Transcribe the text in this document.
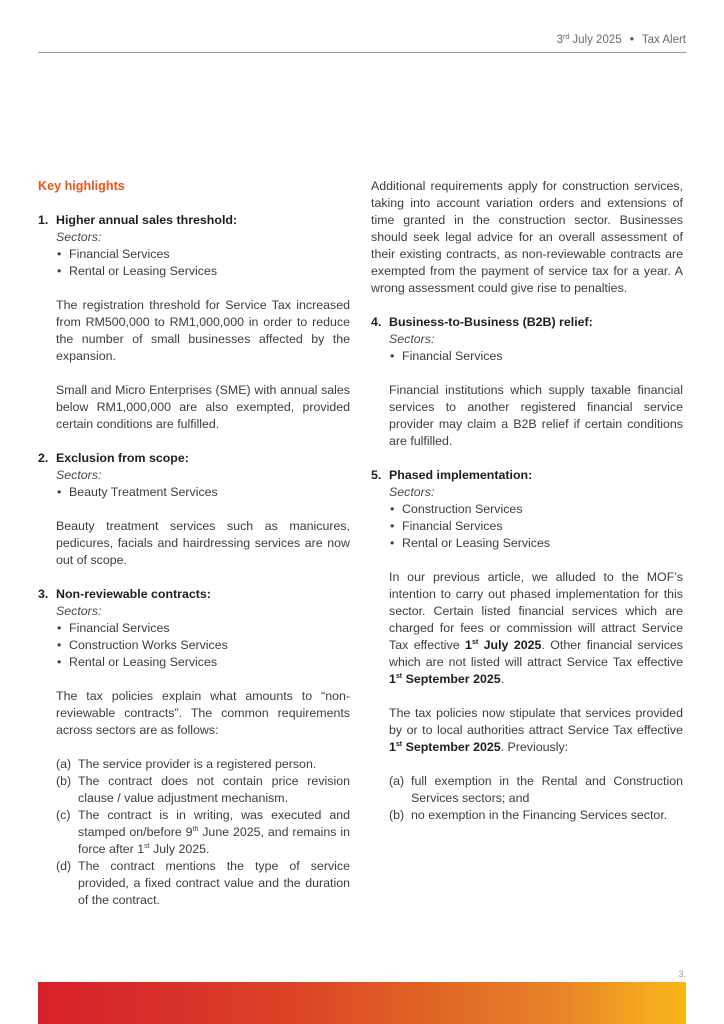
3rd July 2025 • Tax Alert
Key highlights
1. Higher annual sales threshold:
Sectors:
• Financial Services
• Rental or Leasing Services
The registration threshold for Service Tax increased from RM500,000 to RM1,000,000 in order to reduce the number of small businesses affected by the expansion.
Small and Micro Enterprises (SME) with annual sales below RM1,000,000 are also exempted, provided certain conditions are fulfilled.
2. Exclusion from scope:
Sectors:
• Beauty Treatment Services
Beauty treatment services such as manicures, pedicures, facials and hairdressing services are now out of scope.
3. Non-reviewable contracts:
Sectors:
• Financial Services
• Construction Works Services
• Rental or Leasing Services
The tax policies explain what amounts to “non-reviewable contracts”. The common requirements across sectors are as follows:
(a) The service provider is a registered person.
(b) The contract does not contain price revision clause / value adjustment mechanism.
(c) The contract is in writing, was executed and stamped on/before 9th June 2025, and remains in force after 1st July 2025.
(d) The contract mentions the type of service provided, a fixed contract value and the duration of the contract.
Additional requirements apply for construction services, taking into account variation orders and extensions of time granted in the construction sector. Businesses should seek legal advice for an overall assessment of their existing contracts, as non-reviewable contracts are exempted from the payment of service tax for a year. A wrong assessment could give rise to penalties.
4. Business-to-Business (B2B) relief:
Sectors:
• Financial Services
Financial institutions which supply taxable financial services to another registered financial service provider may claim a B2B relief if certain conditions are fulfilled.
5. Phased implementation:
Sectors:
• Construction Services
• Financial Services
• Rental or Leasing Services
In our previous article, we alluded to the MOF’s intention to carry out phased implementation for this sector. Certain listed financial services which are charged for fees or commission will attract Service Tax effective 1st July 2025. Other financial services which are not listed will attract Service Tax effective 1st September 2025.
The tax policies now stipulate that services provided by or to local authorities attract Service Tax effective 1st September 2025. Previously:
(a) full exemption in the Rental and Construction Services sectors; and
(b) no exemption in the Financing Services sector.
3.
